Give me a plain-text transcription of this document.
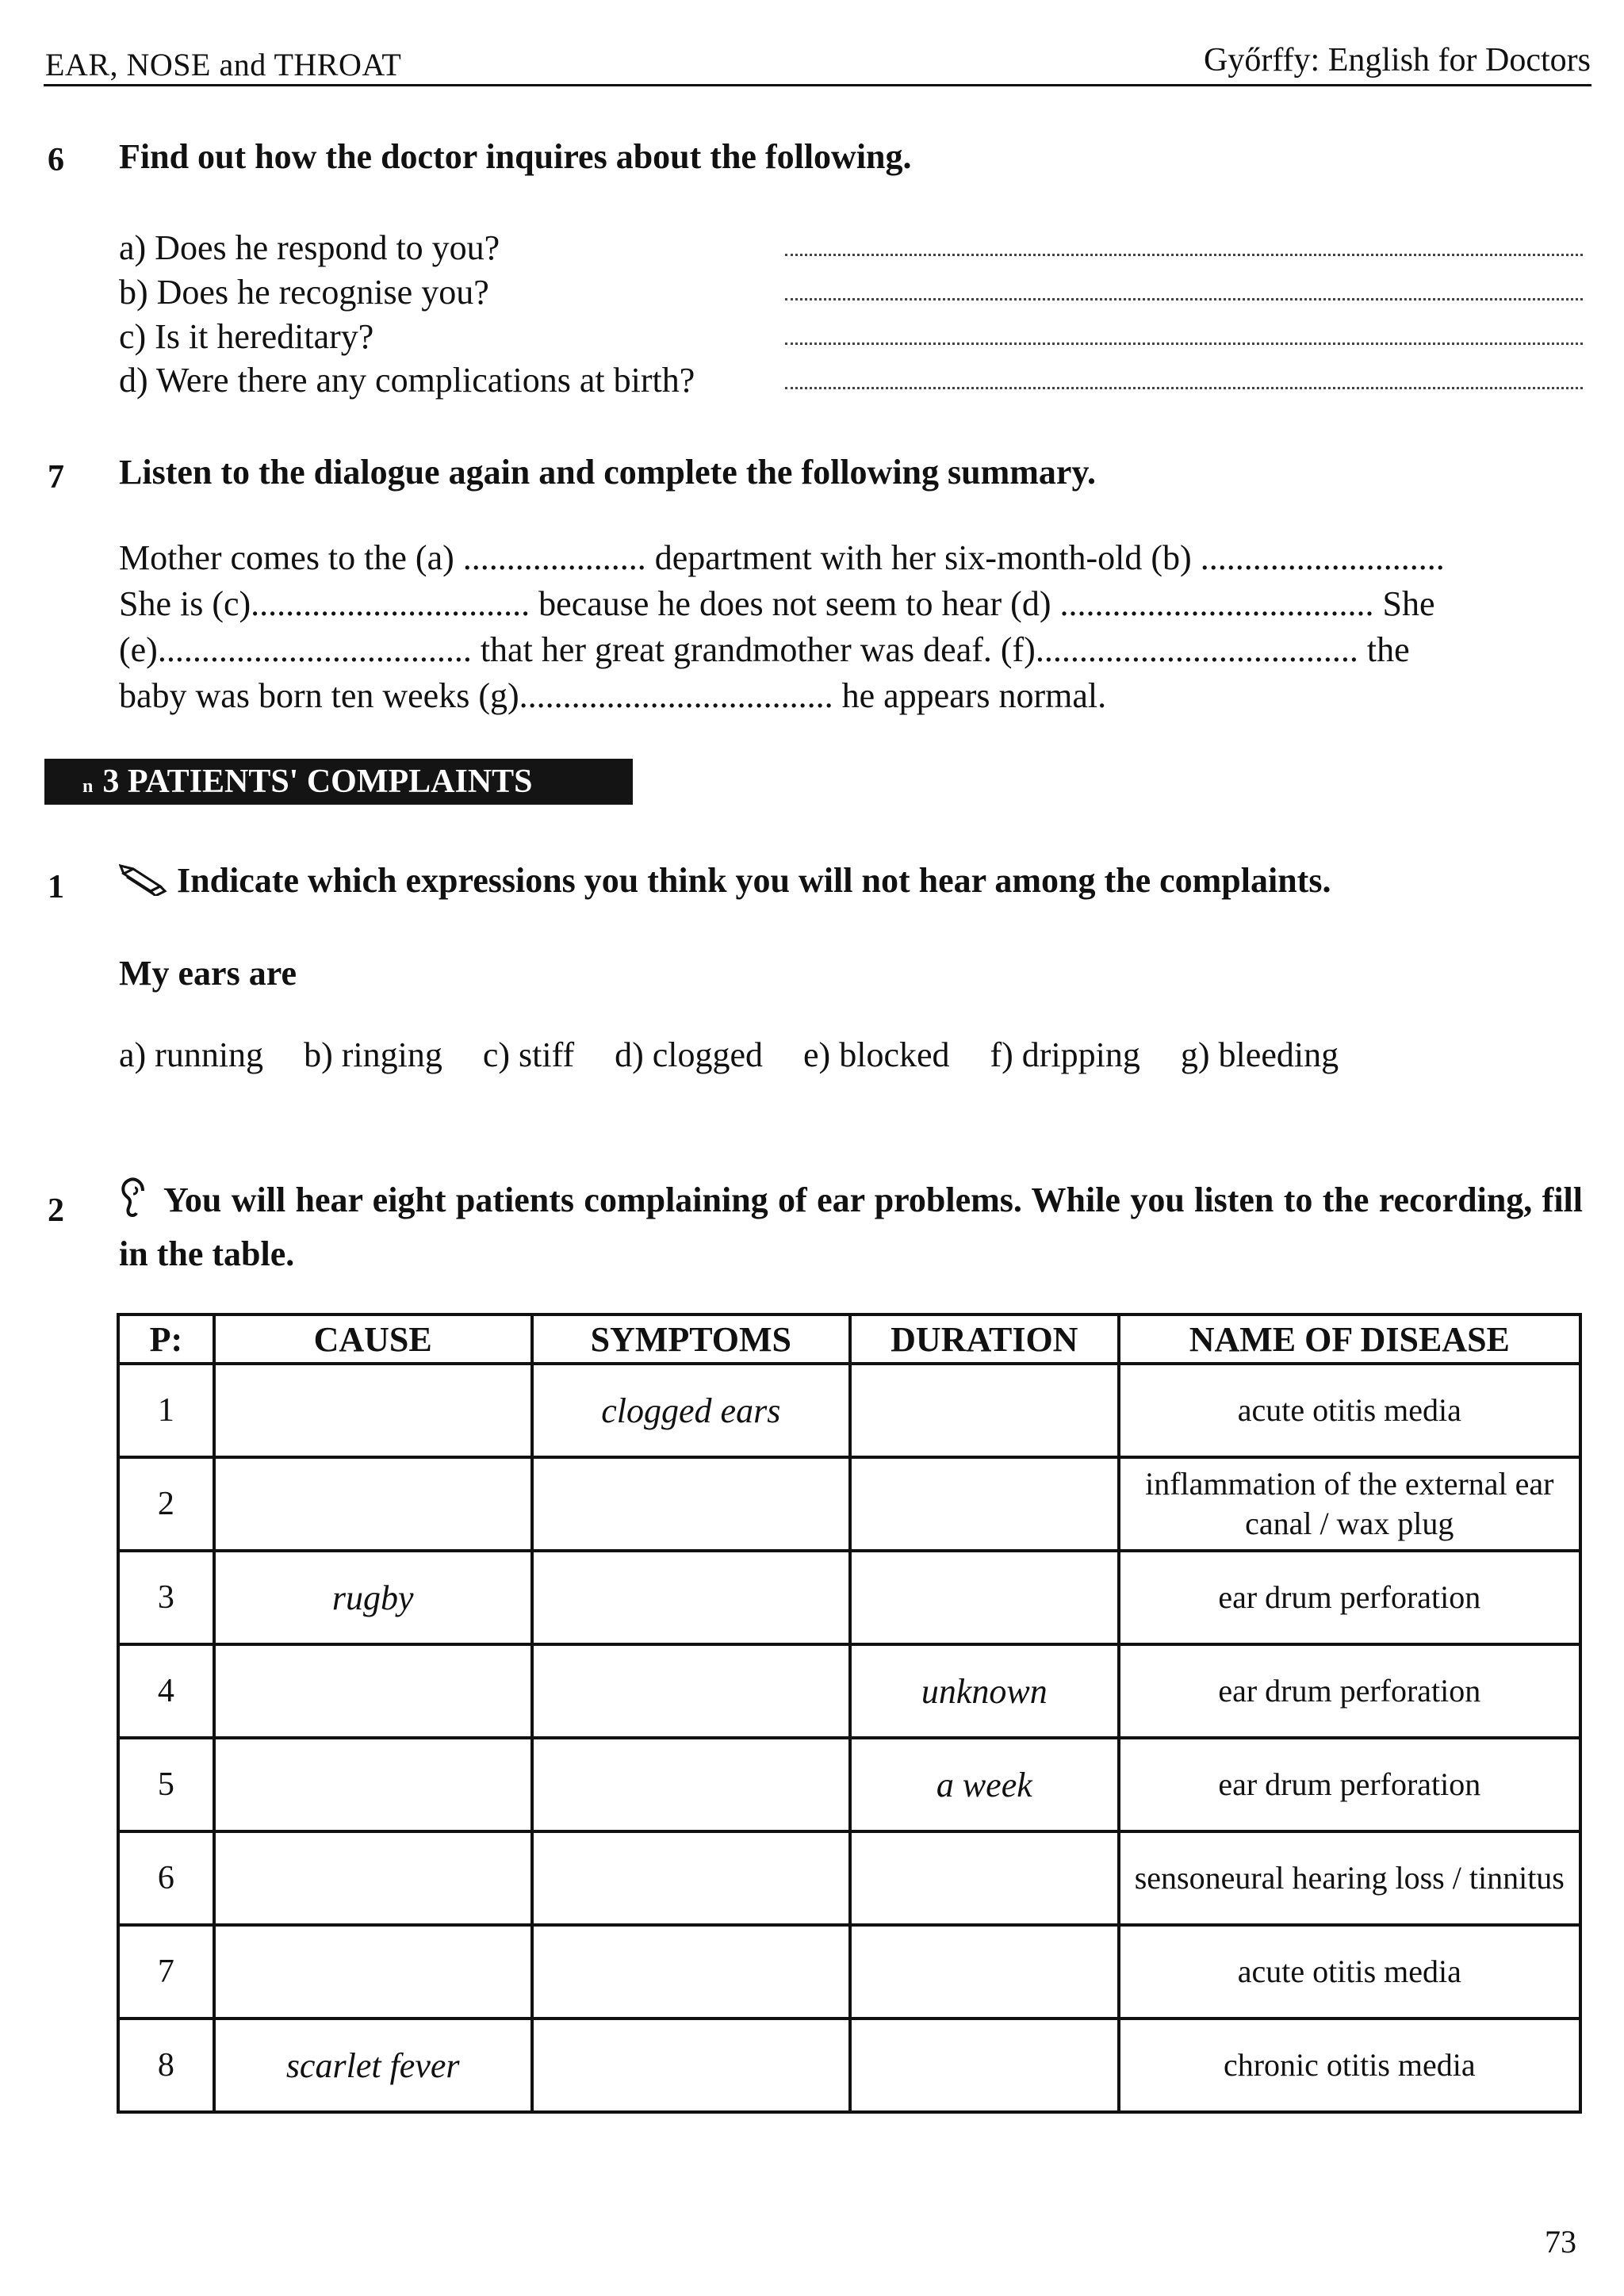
EAR, NOSE and THROAT	Győrffy: English for Doctors
6 Find out how the doctor inquires about the following.
a) Does he respond to you?
b) Does he recognise you?
c) Is it hereditary?
d) Were there any complications at birth?
7 Listen to the dialogue again and complete the following summary.
Mother comes to the (a) ..................... department with her six-month-old (b) ............................
She is (c)................................ because he does not seem to hear (d) .................................... She
(e).................................... that her great grandmother was deaf. (f)..................................... the
baby was born ten weeks (g).................................... he appears normal.
n 3 PATIENTS' COMPLAINTS
1	Indicate which expressions you think you will not hear among the complaints.
My ears are
a) running b) ringing c) stiff d) clogged e) blocked f) dripping g) bleeding
2	You will hear eight patients complaining of ear problems. While you listen to the recording, fill in the table.
P:	CAUSE	SYMPTOMS	DURATION	NAME OF DISEASE
1		clogged ears		acute otitis media
2				inflammation of the external ear canal / wax plug
3	rugby			ear drum perforation
4			unknown	ear drum perforation
5			a week	ear drum perforation
6				sensoneural hearing loss / tinnitus
7				acute otitis media
8	scarlet fever			chronic otitis media
73
